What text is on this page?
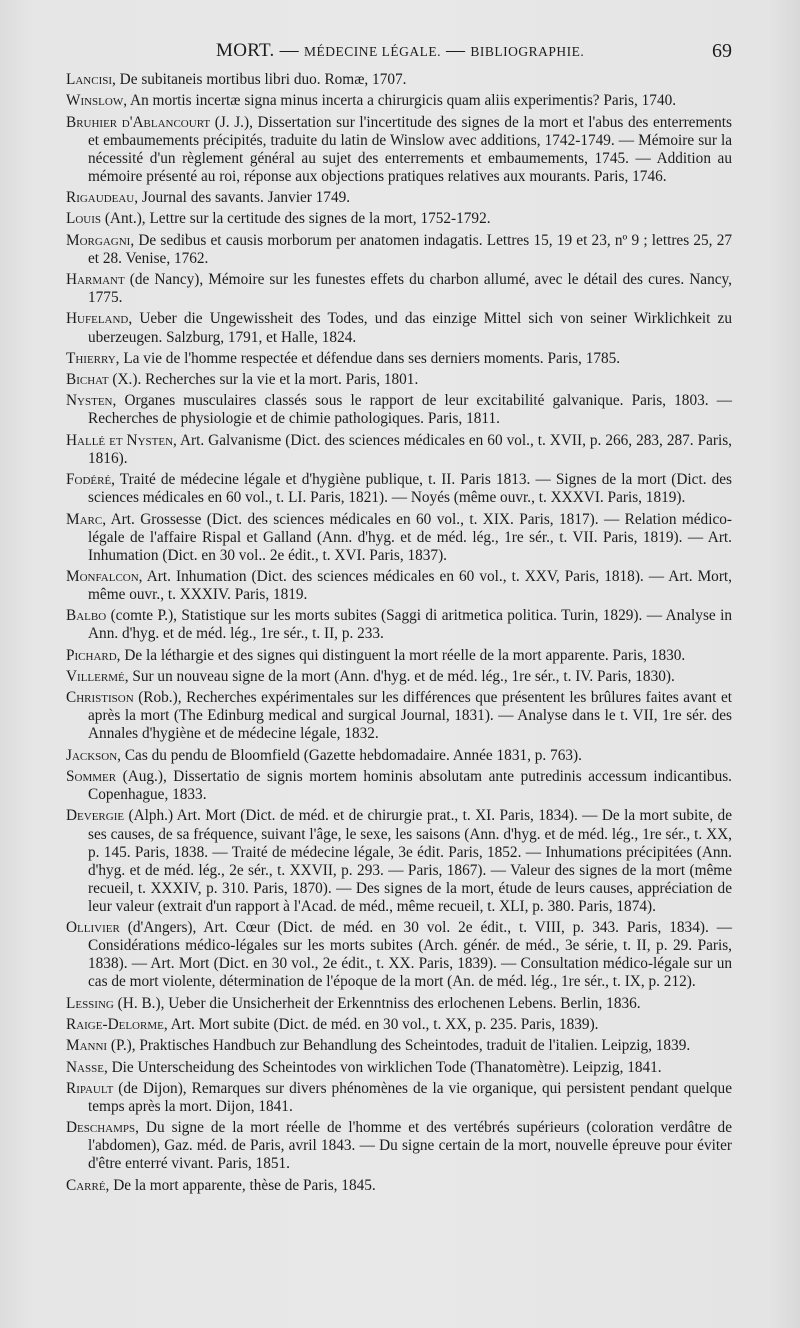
MORT. — MÉDECINE LÉGALE. — BIBLIOGRAPHIE.	69
Lancisi, De subitaneis mortibus libri duo. Romæ, 1707.
Winslow, An mortis incertæ signa minus incerta a chirurgicis quam aliis experimentis? Paris, 1740.
Bruhier d'Ablancourt (J. J.), Dissertation sur l'incertitude des signes de la mort et l'abus des enterrements et embaumements précipités, traduite du latin de Winslow avec additions, 1742-1749. — Mémoire sur la nécessité d'un règlement général au sujet des enterrements et embaumements, 1745. — Addition au mémoire présenté au roi, réponse aux objections pratiques relatives aux mourants. Paris, 1746.
Rigaudeau, Journal des savants. Janvier 1749.
Louis (Ant.), Lettre sur la certitude des signes de la mort, 1752-1792.
Morgagni, De sedibus et causis morborum per anatomen indagatis. Lettres 15, 19 et 23, nº 9 ; lettres 25, 27 et 28. Venise, 1762.
Harmant (de Nancy), Mémoire sur les funestes effets du charbon allumé, avec le détail des cures. Nancy, 1775.
Hufeland, Ueber die Ungewissheit des Todes, und das einzige Mittel sich von seiner Wirklichkeit zu uberzeugen. Salzburg, 1791, et Halle, 1824.
Thierry, La vie de l'homme respectée et défendue dans ses derniers moments. Paris, 1785.
Bichat (X.). Recherches sur la vie et la mort. Paris, 1801.
Nysten, Organes musculaires classés sous le rapport de leur excitabilité galvanique. Paris, 1803. — Recherches de physiologie et de chimie pathologiques. Paris, 1811.
Hallé et Nysten, Art. Galvanisme (Dict. des sciences médicales en 60 vol., t. XVII, p. 266, 283, 287. Paris, 1816).
Fodéré, Traité de médecine légale et d'hygiène publique, t. II. Paris 1813. — Signes de la mort (Dict. des sciences médicales en 60 vol., t. LI. Paris, 1821). — Noyés (même ouvr., t. XXXVI. Paris, 1819).
Marc, Art. Grossesse (Dict. des sciences médicales en 60 vol., t. XIX. Paris, 1817). — Relation médico-légale de l'affaire Rispal et Galland (Ann. d'hyg. et de méd. lég., 1re sér., t. VII. Paris, 1819). — Art. Inhumation (Dict. en 30 vol.. 2e édit., t. XVI. Paris, 1837).
Monfalcon, Art. Inhumation (Dict. des sciences médicales en 60 vol., t. XXV, Paris, 1818). — Art. Mort, même ouvr., t. XXXIV. Paris, 1819.
Balbo (comte P.), Statistique sur les morts subites (Saggi di aritmetica politica. Turin, 1829). — Analyse in Ann. d'hyg. et de méd. lég., 1re sér., t. II, p. 233.
Pichard, De la léthargie et des signes qui distinguent la mort réelle de la mort apparente. Paris, 1830.
Villermé, Sur un nouveau signe de la mort (Ann. d'hyg. et de méd. lég., 1re sér., t. IV. Paris, 1830).
Christison (Rob.), Recherches expérimentales sur les différences que présentent les brûlures faites avant et après la mort (The Edinburg medical and surgical Journal, 1831). — Analyse dans le t. VII, 1re sér. des Annales d'hygiène et de médecine légale, 1832.
Jackson, Cas du pendu de Bloomfield (Gazette hebdomadaire. Année 1831, p. 763).
Sommer (Aug.), Dissertatio de signis mortem hominis absolutam ante putredinis accessum indicantibus. Copenhague, 1833.
Devergie (Alph.) Art. Mort (Dict. de méd. et de chirurgie prat., t. XI. Paris, 1834). — De la mort subite, de ses causes, de sa fréquence, suivant l'âge, le sexe, les saisons (Ann. d'hyg. et de méd. lég., 1re sér., t. XX, p. 145. Paris, 1838. — Traité de médecine légale, 3e édit. Paris, 1852. — Inhumations précipitées (Ann. d'hyg. et de méd. lég., 2e sér., t. XXVII, p. 293. — Paris, 1867). — Valeur des signes de la mort (même recueil, t. XXXIV, p. 310. Paris, 1870). — Des signes de la mort, étude de leurs causes, appréciation de leur valeur (extrait d'un rapport à l'Acad. de méd., même recueil, t. XLI, p. 380. Paris, 1874).
Ollivier (d'Angers), Art. Cœur (Dict. de méd. en 30 vol. 2e édit., t. VIII, p. 343. Paris, 1834). — Considérations médico-légales sur les morts subites (Arch. génér. de méd., 3e série, t. II, p. 29. Paris, 1838). — Art. Mort (Dict. en 30 vol., 2e édit., t. XX. Paris, 1839). — Consultation médico-légale sur un cas de mort violente, détermination de l'époque de la mort (An. de méd. lég., 1re sér., t. IX, p. 212).
Lessing (H. B.), Ueber die Unsicherheit der Erkenntniss des erlochenen Lebens. Berlin, 1836.
Raige-Delorme, Art. Mort subite (Dict. de méd. en 30 vol., t. XX, p. 235. Paris, 1839).
Manni (P.), Praktisches Handbuch zur Behandlung des Scheintodes, traduit de l'italien. Leipzig, 1839.
Nasse, Die Unterscheidung des Scheintodes von wirklichen Tode (Thanatomètre). Leipzig, 1841.
Ripault (de Dijon), Remarques sur divers phénomènes de la vie organique, qui persistent pendant quelque temps après la mort. Dijon, 1841.
Deschamps, Du signe de la mort réelle de l'homme et des vertébrés supérieurs (coloration verdâtre de l'abdomen), Gaz. méd. de Paris, avril 1843. — Du signe certain de la mort, nouvelle épreuve pour éviter d'être enterré vivant. Paris, 1851.
Carré, De la mort apparente, thèse de Paris, 1845.
